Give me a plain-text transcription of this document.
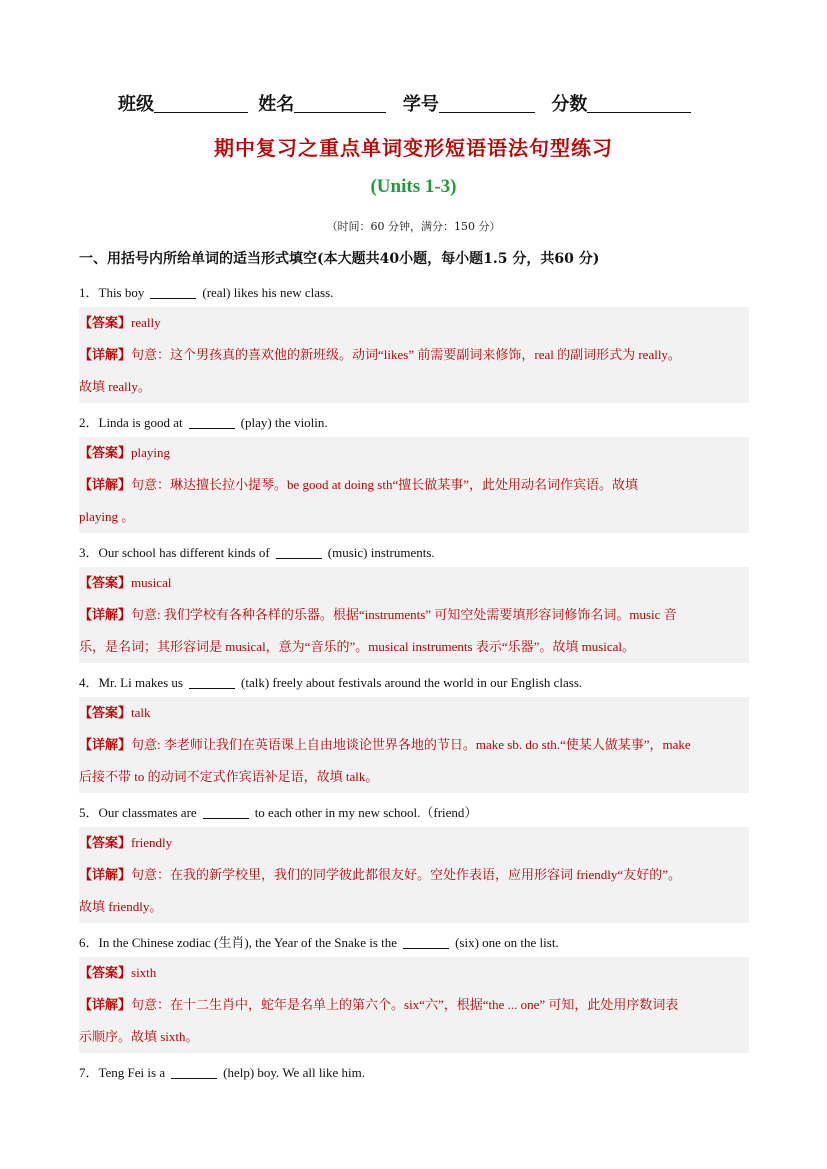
班级	姓名	学号	分数
期中复习之重点单词变形短语语法句型练习
(Units 1-3)
（时间：60 分钟，满分：150 分）
一、用括号内所给单词的适当形式填空(本大题共40小题，每小题1.5 分，共60 分)
1．This boy	(real) likes his new class.
【答案】really
【详解】句意：这个男孩真的喜欢他的新班级。动词“likes” 前需要副词来修饰，real 的副词形式为 really。
故填 really。
2．Linda is good at	(play) the violin.
【答案】playing
【详解】句意：琳达擅长拉小提琴。be good at doing sth“擅长做某事”，此处用动名词作宾语。故填
playing 。
3．Our school has different kinds of	(music) instruments.
【答案】musical
【详解】句意: 我们学校有各种各样的乐器。根据“instruments” 可知空处需要填形容词修饰名词。music 音
乐，是名词；其形容词是 musical，意为“音乐的”。musical instruments 表示“乐器”。故填 musical。
4．Mr. Li makes us	(talk) freely about festivals around the world in our English class.
【答案】talk
【详解】句意: 李老师让我们在英语课上自由地谈论世界各地的节日。make sb. do sth.“使某人做某事”，make
后接不带 to 的动词不定式作宾语补足语，故填 talk。
5．Our classmates are	to each other in my new school.（friend）
【答案】friendly
【详解】句意：在我的新学校里，我们的同学彼此都很友好。空处作表语，应用形容词 friendly“友好的”。
故填 friendly。
6．In the Chinese zodiac (生肖), the Year of the Snake is the	(six) one on the list.
【答案】sixth
【详解】句意：在十二生肖中，蛇年是名单上的第六个。six“六”，根据“the ... one” 可知，此处用序数词表
示顺序。故填 sixth。
7．Teng Fei is a	(help) boy. We all like him.
